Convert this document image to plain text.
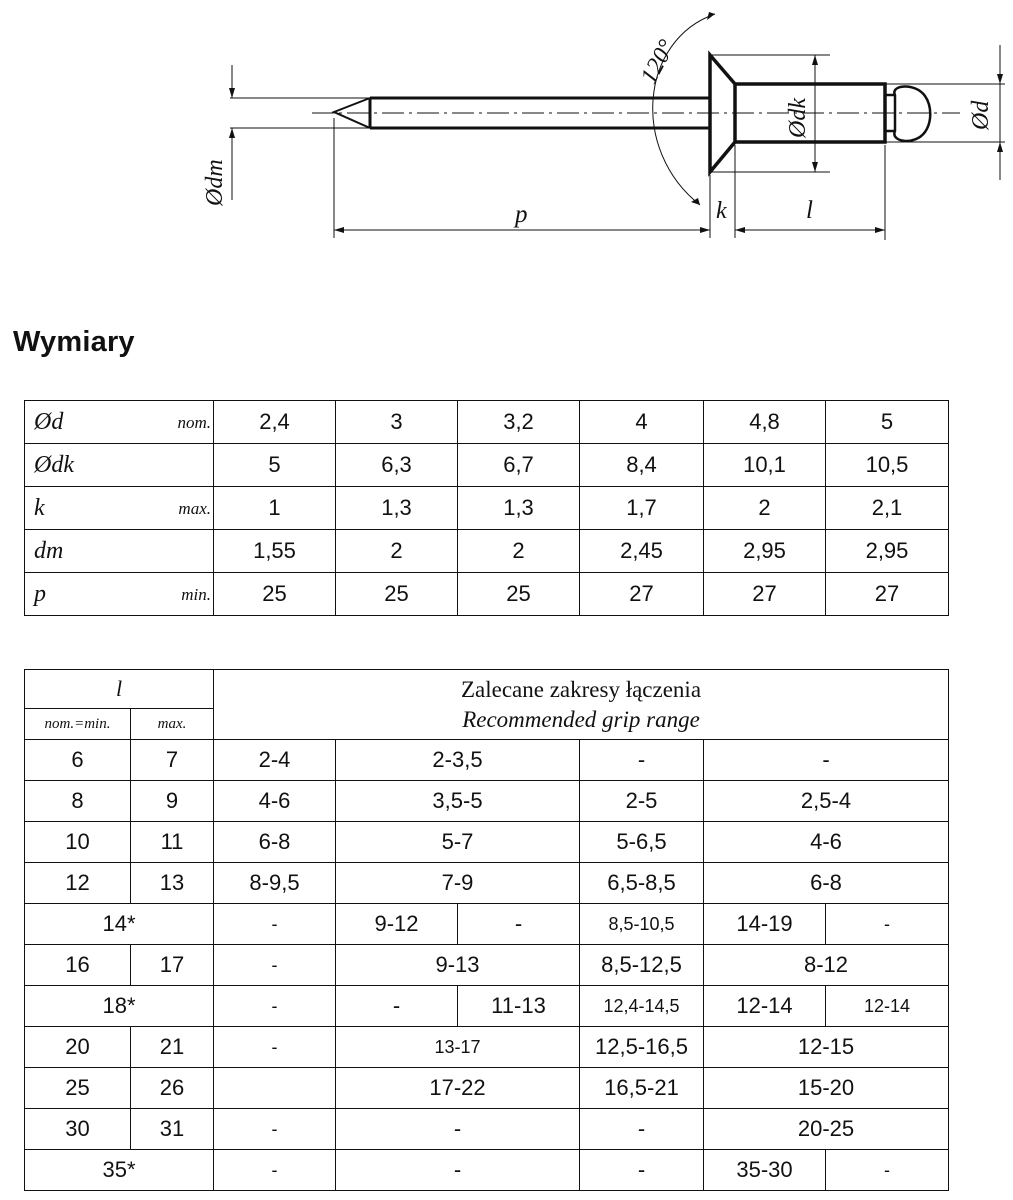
120°
Ødm
p	k	l
Ødk	Ød
Wymiary
Ød	nom.	2,4	3	3,2	4	4,8	5
Ødk		5	6,3	6,7	8,4	10,1	10,5
k	max.	1	1,3	1,3	1,7	2	2,1
dm		1,55	2	2	2,45	2,95	2,95
p	min.	25	25	25	27	27	27
l		Zalecane zakresy łączenia
Recommended grip range					

nom.=min.	max.						
6	7	2-4	2-3,5		-	-	
8	9	4-6	3,5-5		2-5	2,5-4	
10	11	6-8	5-7		5-6,5	4-6	
12	13	8-9,5	7-9		6,5-8,5	6-8	
14*		-	9-12	-	8,5-10,5	14-19	-
16	17	-	9-13		8,5-12,5	8-12	
18*		-	-	11-13	12,4-14,5	12-14	12-14
20	21	-	13-17		12,5-16,5	12-15	
25	26		17-22		16,5-21	15-20	
30	31	-	-		-	20-25	
35*		-	-		-	35-30	-
